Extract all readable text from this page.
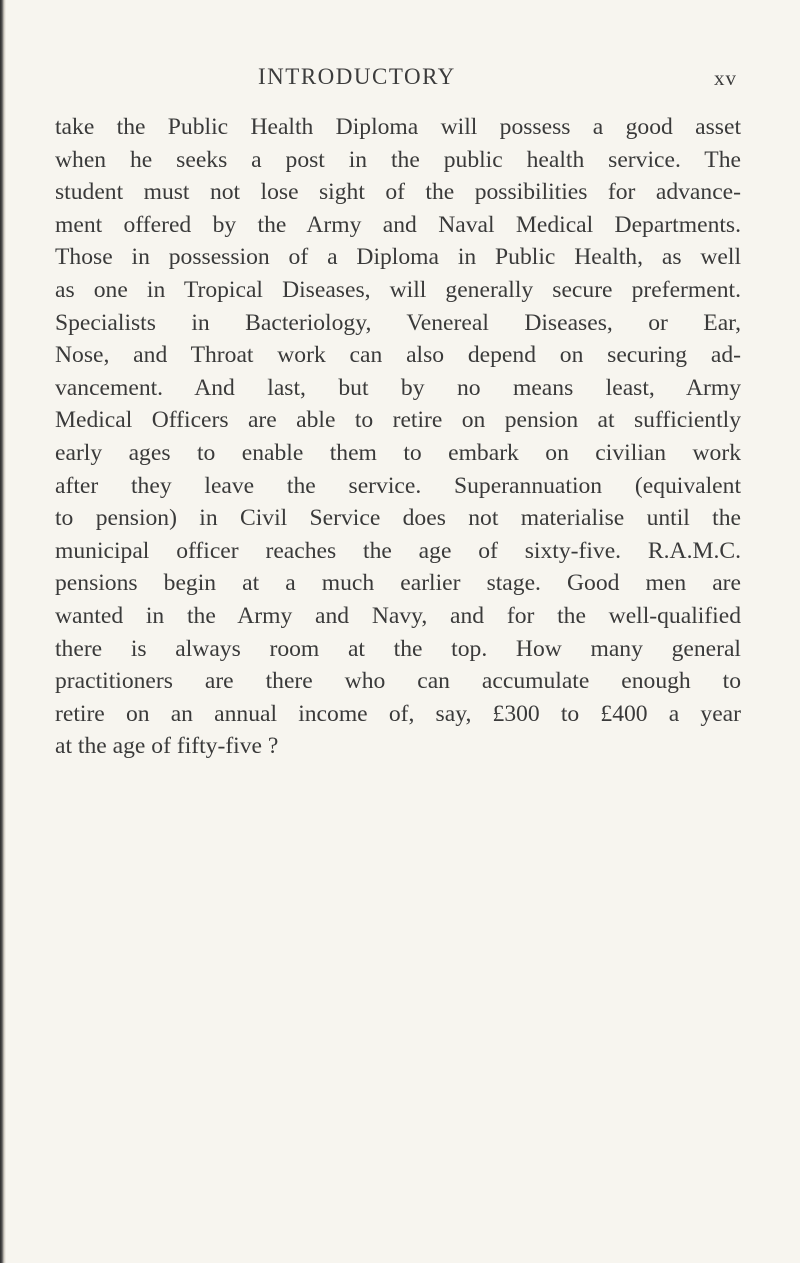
INTRODUCTORY	xv
take the Public Health Diploma will possess a good asset
when he seeks a post in the public health service. The
student must not lose sight of the possibilities for advance-
ment offered by the Army and Naval Medical Departments.
Those in possession of a Diploma in Public Health, as well
as one in Tropical Diseases, will generally secure preferment.
Specialists in Bacteriology, Venereal Diseases, or Ear,
Nose, and Throat work can also depend on securing ad-
vancement. And last, but by no means least, Army
Medical Officers are able to retire on pension at sufficiently
early ages to enable them to embark on civilian work
after they leave the service. Superannuation (equivalent
to pension) in Civil Service does not materialise until the
municipal officer reaches the age of sixty-five. R.A.M.C.
pensions begin at a much earlier stage. Good men are
wanted in the Army and Navy, and for the well-qualified
there is always room at the top. How many general
practitioners are there who can accumulate enough to
retire on an annual income of, say, £300 to £400 a year
at the age of fifty-five ?
